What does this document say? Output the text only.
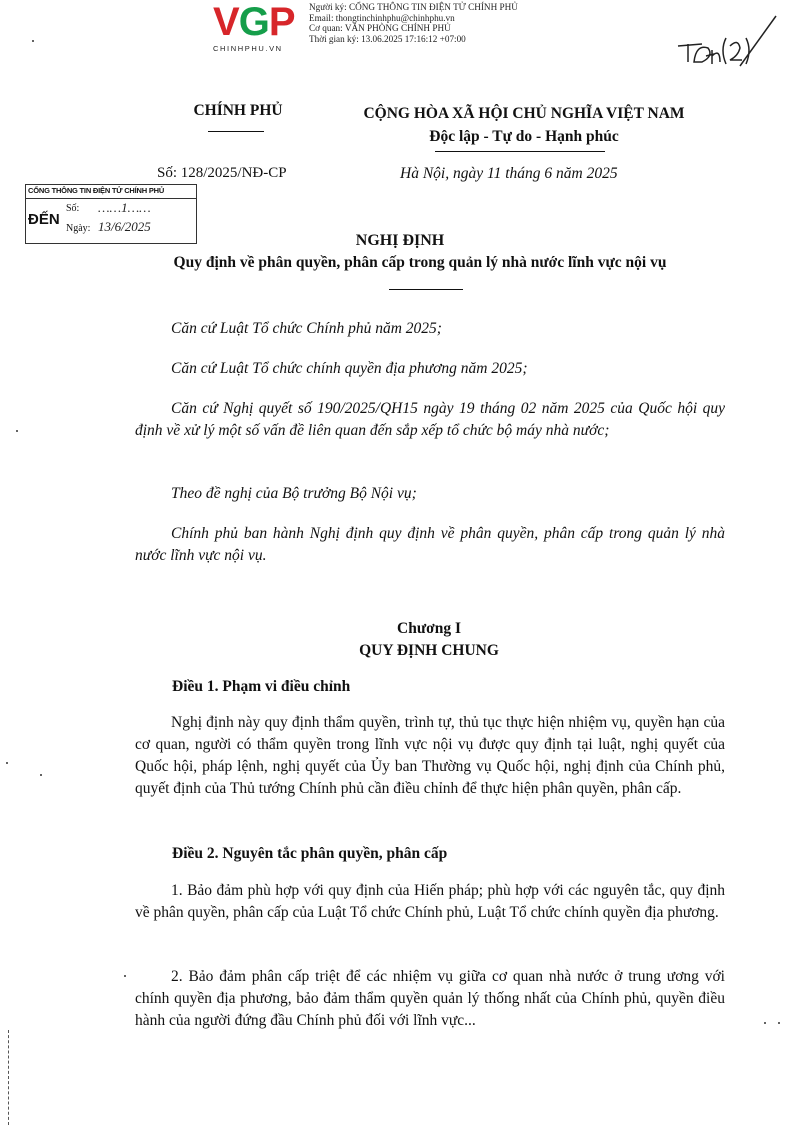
VGP
CHINHPHU.VN
Người ký: CỔNG THÔNG TIN ĐIỆN TỬ CHÍNH PHỦ
Email: thongtinchinhphu@chinhphu.vn
Cơ quan: VĂN PHÒNG CHÍNH PHỦ
Thời gian ký: 13.06.2025 17:16:12 +07:00
CHÍNH PHỦ	CỘNG HÒA XÃ HỘI CHỦ NGHĨA VIỆT NAM
Độc lập - Tự do - Hạnh phúc
Số: 128/2025/NĐ-CP	Hà Nội, ngày 11 tháng 6 năm 2025
CỔNG THÔNG TIN ĐIỆN TỬ CHÍNH PHỦ
ĐẾN
Số: ……1……
Ngày: 13/6/2025
NGHỊ ĐỊNH
Quy định về phân quyền, phân cấp trong quản lý nhà nước lĩnh vực nội vụ
Căn cứ Luật Tổ chức Chính phủ năm 2025;
Căn cứ Luật Tổ chức chính quyền địa phương năm 2025;
Căn cứ Nghị quyết số 190/2025/QH15 ngày 19 tháng 02 năm 2025 của Quốc hội quy định về xử lý một số vấn đề liên quan đến sắp xếp tổ chức bộ máy nhà nước;
Theo đề nghị của Bộ trưởng Bộ Nội vụ;
Chính phủ ban hành Nghị định quy định về phân quyền, phân cấp trong quản lý nhà nước lĩnh vực nội vụ.
Chương I
QUY ĐỊNH CHUNG
Điều 1. Phạm vi điều chỉnh
Nghị định này quy định thẩm quyền, trình tự, thủ tục thực hiện nhiệm vụ, quyền hạn của cơ quan, người có thẩm quyền trong lĩnh vực nội vụ được quy định tại luật, nghị quyết của Quốc hội, pháp lệnh, nghị quyết của Ủy ban Thường vụ Quốc hội, nghị định của Chính phủ, quyết định của Thủ tướng Chính phủ cần điều chỉnh để thực hiện phân quyền, phân cấp.
Điều 2. Nguyên tắc phân quyền, phân cấp
1. Bảo đảm phù hợp với quy định của Hiến pháp; phù hợp với các nguyên tắc, quy định về phân quyền, phân cấp của Luật Tổ chức Chính phủ, Luật Tổ chức chính quyền địa phương.
2. Bảo đảm phân cấp triệt để các nhiệm vụ giữa cơ quan nhà nước ở trung ương với chính quyền địa phương, bảo đảm thẩm quyền quản lý thống nhất của Chính phủ, quyền điều hành của người đứng đầu Chính phủ đối với lĩnh vực...
